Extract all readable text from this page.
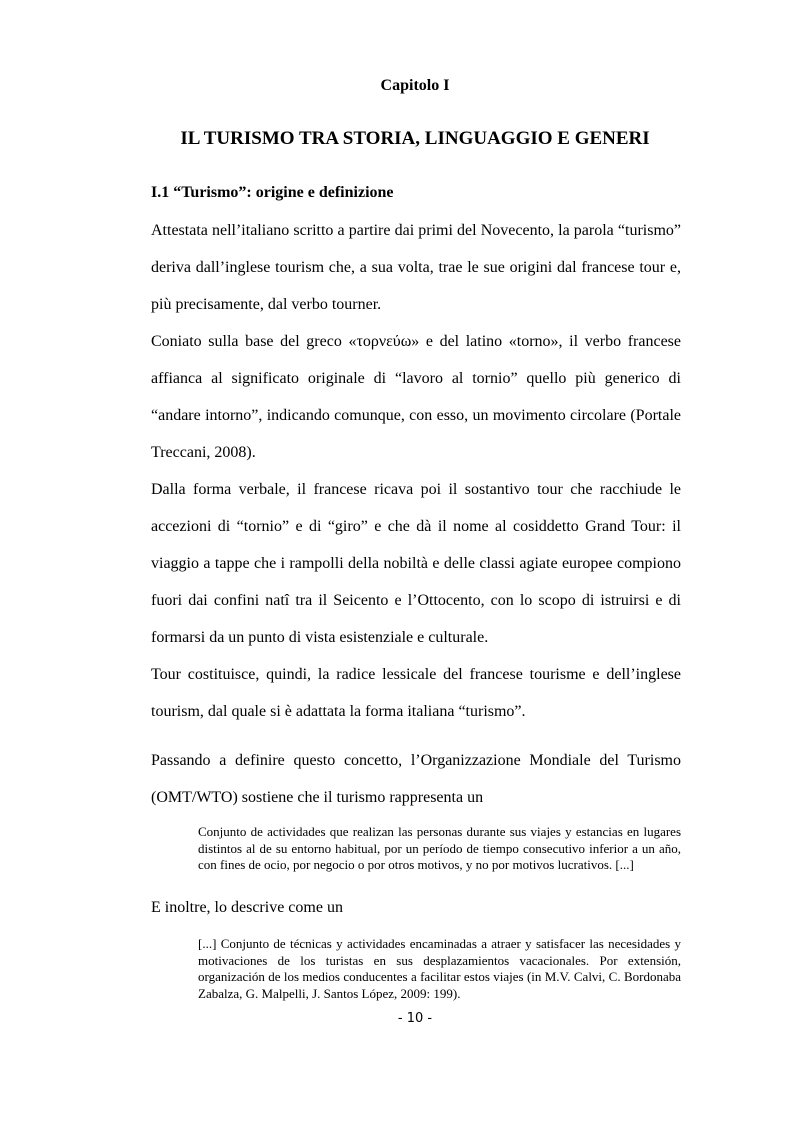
Capitolo I
IL TURISMO TRA STORIA, LINGUAGGIO E GENERI
I.1 “Turismo”: origine e definizione

Attestata nell’italiano scritto a partire dai primi del Novecento, la parola “turismo” deriva dall’inglese tourism che, a sua volta, trae le sue origini dal francese tour e, più precisamente, dal verbo tourner.

Coniato sulla base del greco «τορνεύω» e del latino «torno», il verbo francese affianca al significato originale di “lavoro al tornio” quello più generico di “andare intorno”, indicando comunque, con esso, un movimento circolare (Portale Treccani, 2008).

Dalla forma verbale, il francese ricava poi il sostantivo tour che racchiude le accezioni di “tornio” e di “giro” e che dà il nome al cosiddetto Grand Tour: il viaggio a tappe che i rampolli della nobiltà e delle classi agiate europee compiono fuori dai confini natî tra il Seicento e l’Ottocento, con lo scopo di istruirsi e di formarsi da un punto di vista esistenziale e culturale.

Tour costituisce, quindi, la radice lessicale del francese tourisme e dell’inglese tourism, dal quale si è adattata la forma italiana “turismo”.

Passando a definire questo concetto, l’Organizzazione Mondiale del Turismo (OMT/WTO) sostiene che il turismo rappresenta un

Conjunto de actividades que realizan las personas durante sus viajes y estancias en lugares distintos al de su entorno habitual, por un período de tiempo consecutivo inferior a un año, con fines de ocio, por negocio o por otros motivos, y no por motivos lucrativos. [...]
E inoltre, lo descrive come un
[...] Conjunto de técnicas y actividades encaminadas a atraer y satisfacer las necesidades y motivaciones de los turistas en sus desplazamientos vacacionales. Por extensión, organización de los medios conducentes a facilitar estos viajes (in M.V. Calvi, C. Bordonaba Zabalza, G. Malpelli, J. Santos López, 2009: 199).
- 10 -
